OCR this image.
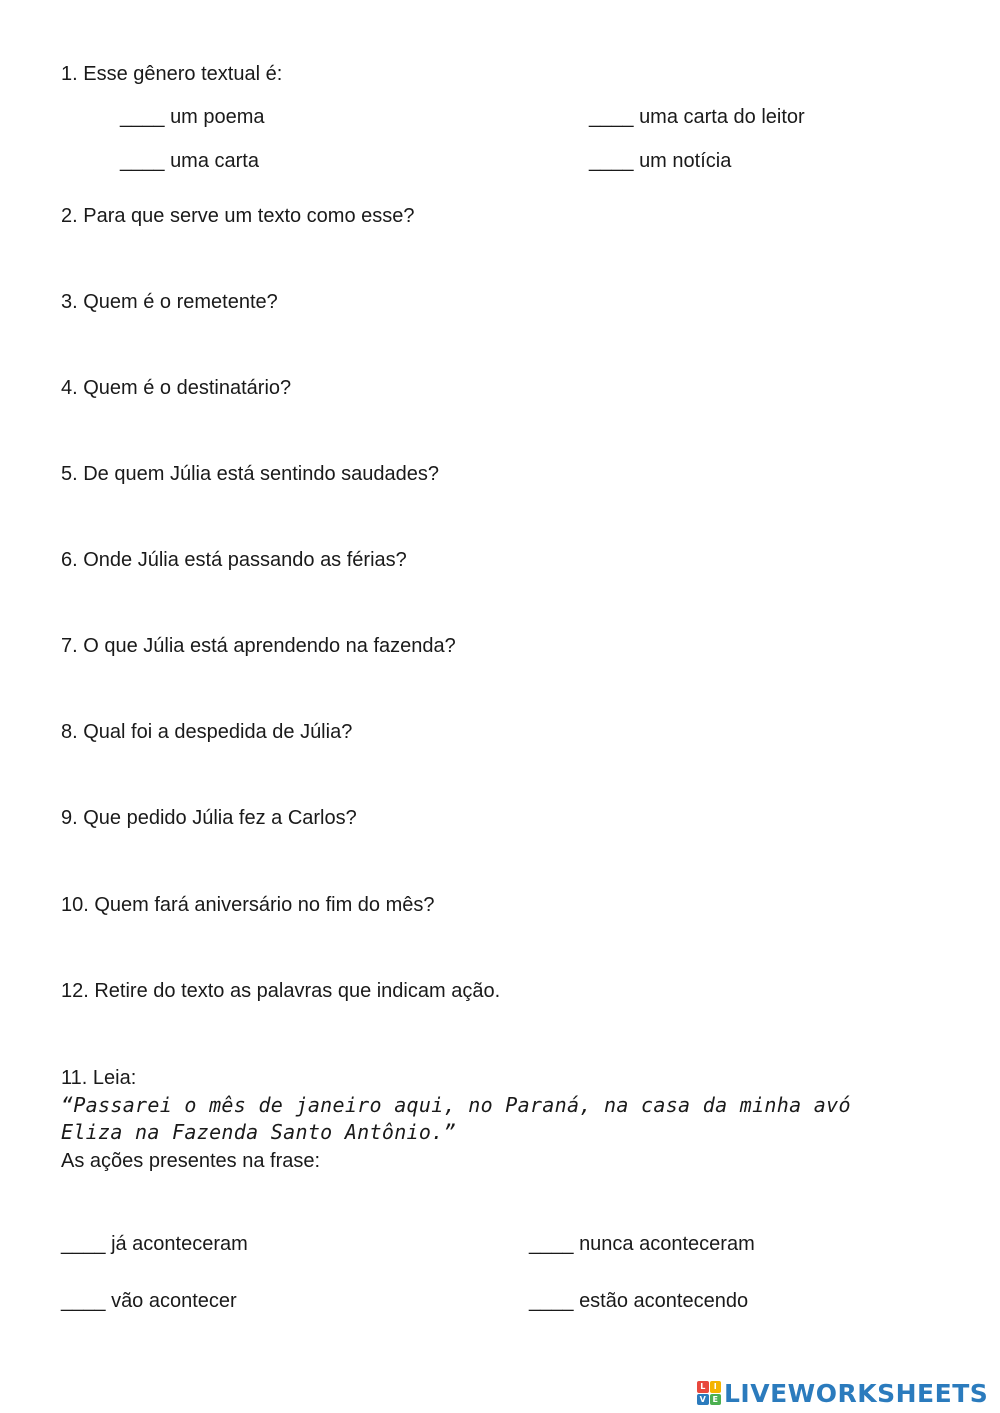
1. Esse gênero textual é:
____ um poema	____ uma carta do leitor
____ uma carta	____ um notícia
2. Para que serve um texto como esse?
3. Quem é o remetente?
4. Quem é o destinatário?
5. De quem Júlia está sentindo saudades?
6. Onde Júlia está passando as férias?
7. O que Júlia está aprendendo na fazenda?
8. Qual foi a despedida de Júlia?
9. Que pedido Júlia fez a Carlos?
10. Quem fará aniversário no fim do mês?
12. Retire do texto as palavras que indicam ação.
11. Leia:
“Passarei o mês de janeiro aqui, no Paraná, na casa da minha avó
Eliza na Fazenda Santo Antônio.”
As ações presentes na frase:
____ já aconteceram	____ nunca aconteceram
____ vão acontecer	____ estão acontecendo
L	I
V E LIVEWORKSHEETS
